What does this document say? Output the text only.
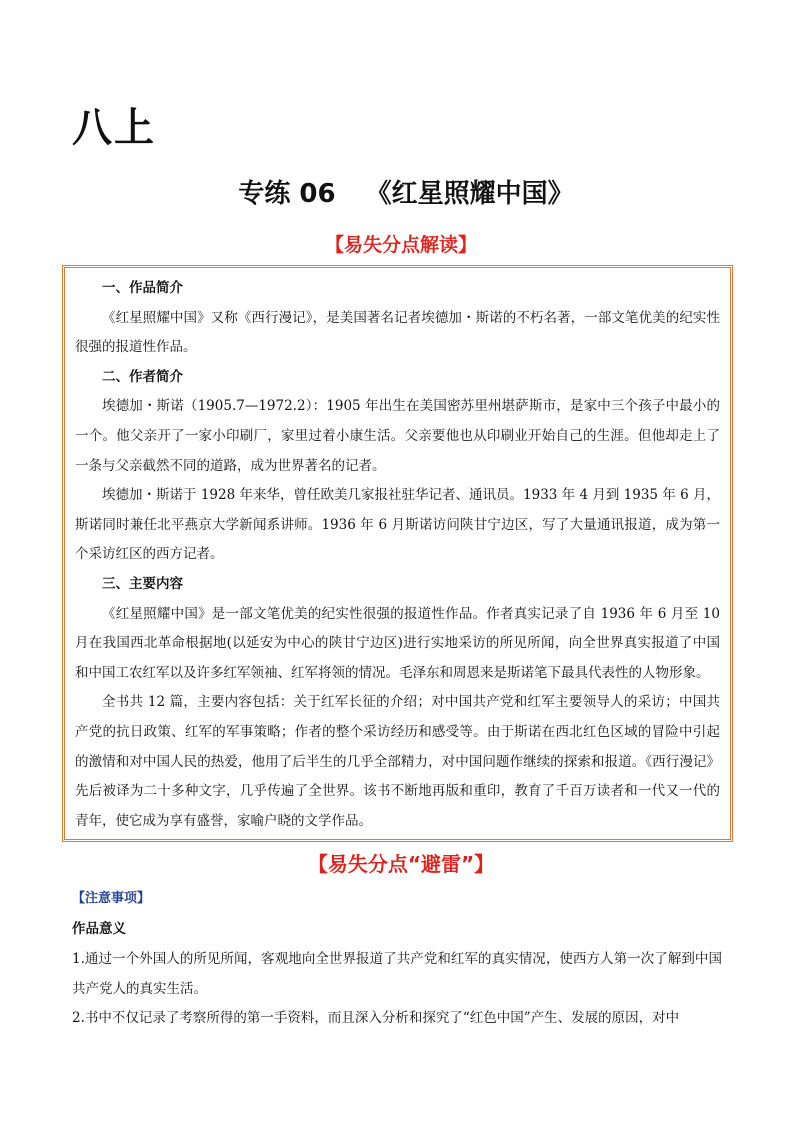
八上
专练 06 《红星照耀中国》
【易失分点解读】

一、作品简介

《红星照耀中国》又称《西行漫记》，是美国著名记者埃德加・斯诺的不朽名著，一部文笔优美的纪实性很强的报道性作品。

二、作者简介

埃德加・斯诺（1905.7—1972.2）：1905 年出生在美国密苏里州堪萨斯市，是家中三个孩子中最小的一个。他父亲开了一家小印刷厂，家里过着小康生活。父亲要他也从印刷业开始自己的生涯。但他却走上了一条与父亲截然不同的道路，成为世界著名的记者。

埃德加・斯诺于 1928 年来华，曾任欧美几家报社驻华记者、通讯员。1933 年 4 月到 1935 年 6 月，斯诺同时兼任北平燕京大学新闻系讲师。1936 年 6 月斯诺访问陕甘宁边区，写了大量通讯报道，成为第一个采访红区的西方记者。

三、主要内容

《红星照耀中国》是一部文笔优美的纪实性很强的报道性作品。作者真实记录了自 1936 年 6 月至 10 月在我国西北革命根据地(以延安为中心的陕甘宁边区)进行实地采访的所见所闻，向全世界真实报道了中国和中国工农红军以及许多红军领袖、红军将领的情况。毛泽东和周恩来是斯诺笔下最具代表性的人物形象。

全书共 12 篇，主要内容包括：关于红军长征的介绍；对中国共产党和红军主要领导人的采访；中国共产党的抗日政策、红军的军事策略；作者的整个采访经历和感受等。由于斯诺在西北红色区域的冒险中引起的激情和对中国人民的热爱，他用了后半生的几乎全部精力，对中国问题作继续的探索和报道。《西行漫记》先后被译为二十多种文字，几乎传遍了全世界。该书不断地再版和重印，教育了千百万读者和一代又一代的青年，使它成为享有盛誉，家喻户晓的文学作品。

【易失分点“避雷”】
【注意事项】

作品意义

1.通过一个外国人的所见所闻，客观地向全世界报道了共产党和红军的真实情况，使西方人第一次了解到中国共产党人的真实生活。

2.书中不仅记录了考察所得的第一手资料，而且深入分析和探究了“红色中国”产生、发展的原因，对中
